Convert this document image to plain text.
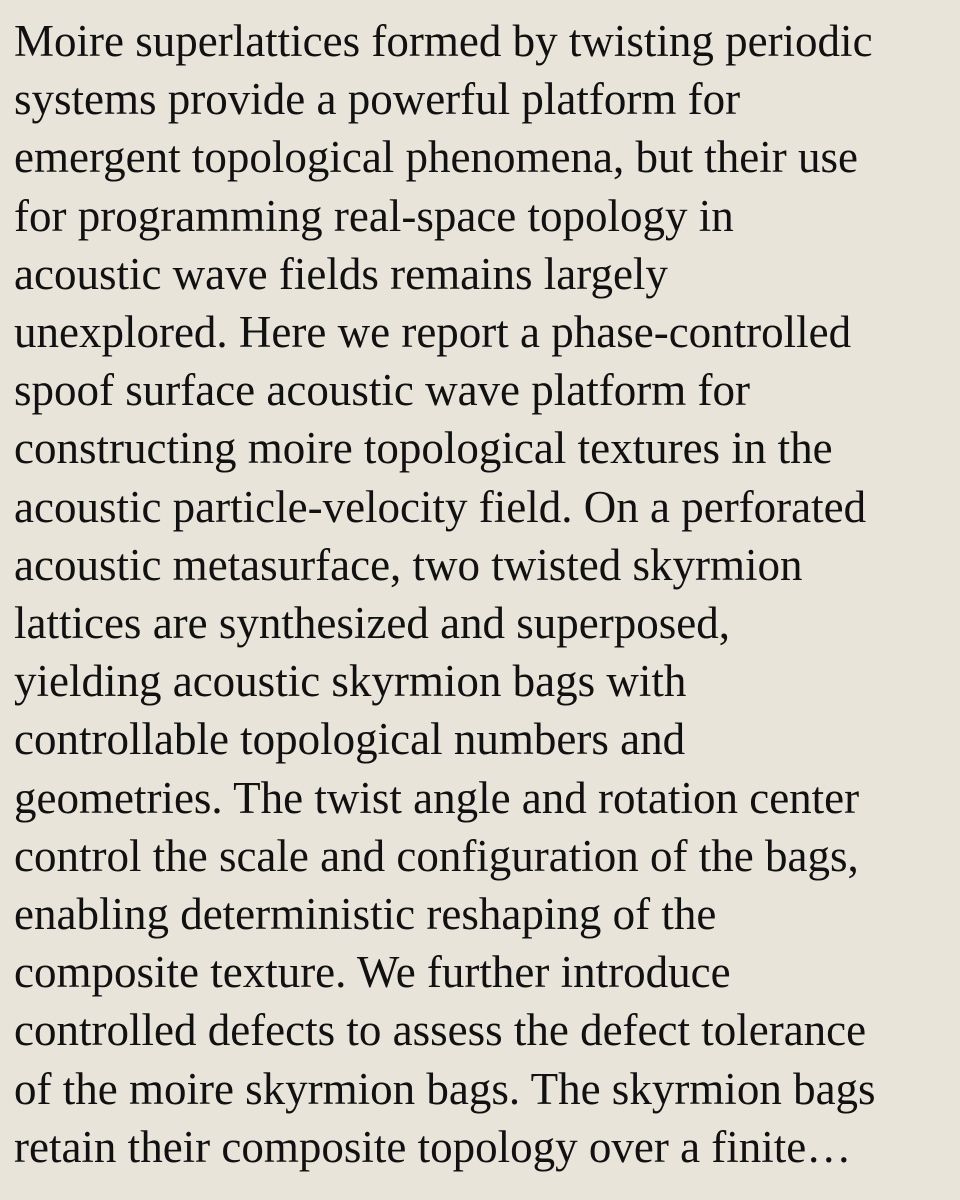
Moire superlattices formed by twisting periodic
systems provide a powerful platform for
emergent topological phenomena, but their use
for programming real-space topology in
acoustic wave fields remains largely
unexplored. Here we report a phase-controlled
spoof surface acoustic wave platform for
constructing moire topological textures in the
acoustic particle-velocity field. On a perforated
acoustic metasurface, two twisted skyrmion
lattices are synthesized and superposed,
yielding acoustic skyrmion bags with
controllable topological numbers and
geometries. The twist angle and rotation center
control the scale and configuration of the bags,
enabling deterministic reshaping of the
composite texture. We further introduce
controlled defects to assess the defect tolerance
of the moire skyrmion bags. The skyrmion bags
retain their composite topology over a finite…
